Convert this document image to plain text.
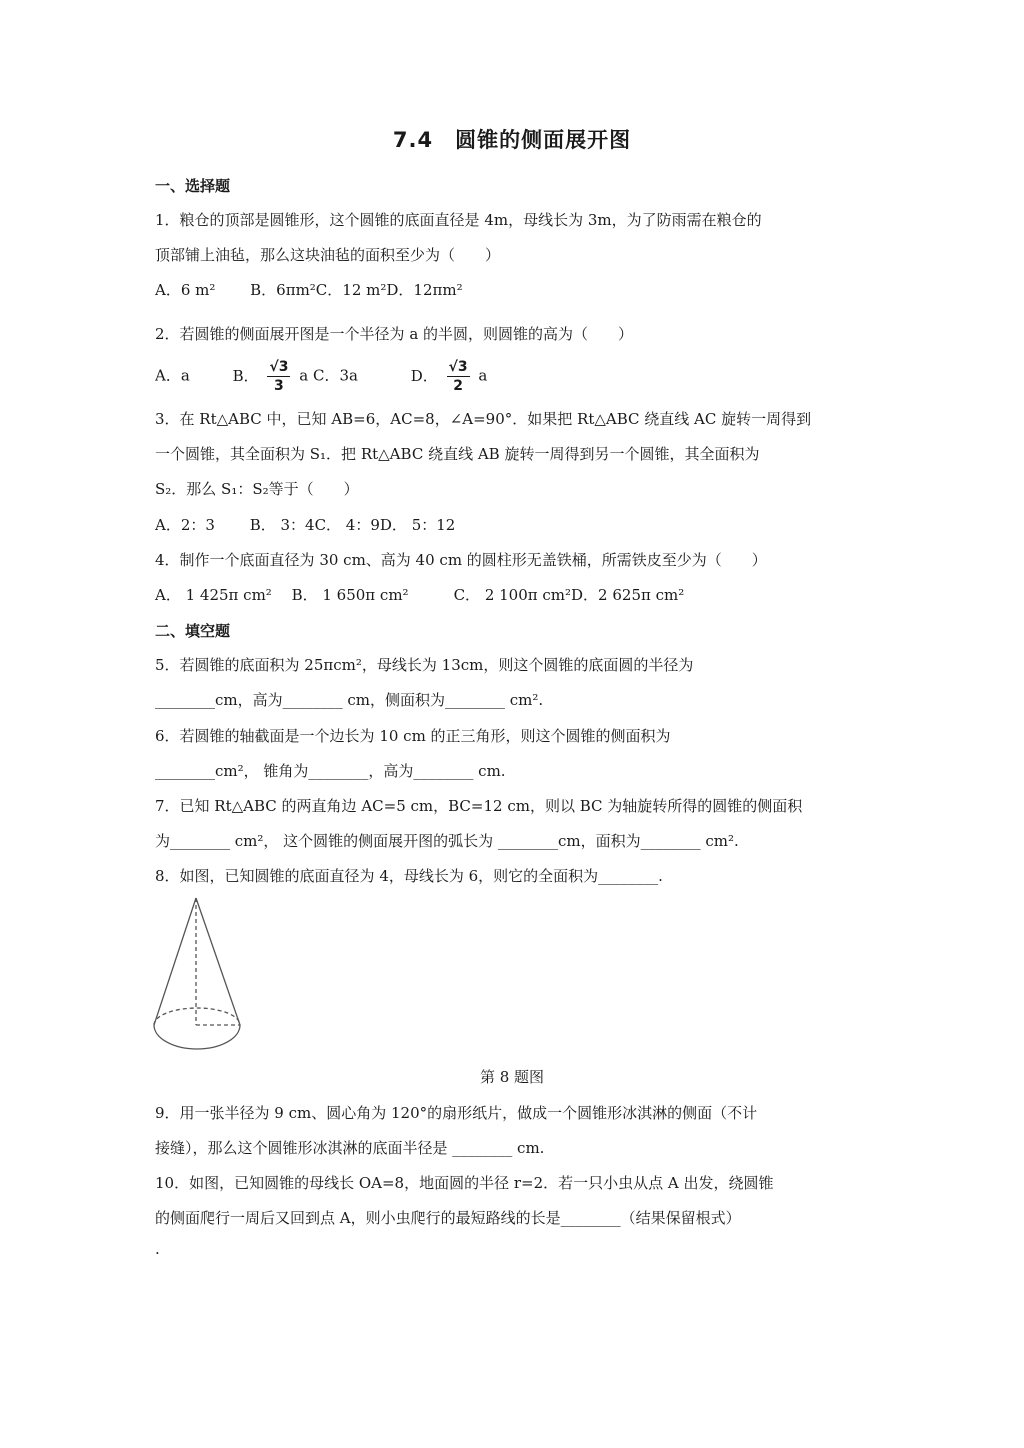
7.4　圆锥的侧面展开图
一、选择题
1．粮仓的顶部是圆锥形，这个圆锥的底面直径是 4m，母线长为 3m，为了防雨需在粮仓的
顶部铺上油毡，那么这块油毡的面积至少为（　　）
A．6 m²　　 B．6πm²C．12 m²D．12πm²
2．若圆锥的侧面展开图是一个半径为 a 的半圆，则圆锥的高为（　　）
A．a	B． $\frac{√3}{3}$ a C．3a	D． $\frac{√3}{2}$ a
3．在 Rt△ABC 中，已知 AB=6，AC=8，∠A=90°．如果把 Rt△ABC 绕直线 AC 旋转一周得到
一个圆锥，其全面积为 S₁．把 Rt△ABC 绕直线 AB 旋转一周得到另一个圆锥，其全面积为
S₂．那么 S₁：S₂等于（　　）
A．2：3　　 B． 3：4C． 4：9D． 5：12
4．制作一个底面直径为 30 cm、高为 40 cm 的圆柱形无盖铁桶，所需铁皮至少为（　　）
A． 1 425π cm²　 B． 1 650π cm²　　　C． 2 100π cm²D．2 625π cm²
二、填空题
5．若圆锥的底面积为 25πcm²，母线长为 13cm，则这个圆锥的底面圆的半径为
________cm，高为________ cm，侧面积为________ cm².
6．若圆锥的轴截面是一个边长为 10 cm 的正三角形，则这个圆锥的侧面积为
________cm²， 锥角为________，高为________ cm.
7．已知 Rt△ABC 的两直角边 AC=5 cm，BC=12 cm，则以 BC 为轴旋转所得的圆锥的侧面积
为________ cm²， 这个圆锥的侧面展开图的弧长为 ________cm，面积为________ cm².
8．如图，已知圆锥的底面直径为 4，母线长为 6，则它的全面积为________.
第 8 题图
9．用一张半径为 9 cm、圆心角为 120°的扇形纸片，做成一个圆锥形冰淇淋的侧面（不计
接缝），那么这个圆锥形冰淇淋的底面半径是 ________ cm.
10．如图，已知圆锥的母线长 OA=8，地面圆的半径 r=2．若一只小虫从点 A 出发，绕圆锥
的侧面爬行一周后又回到点 A，则小虫爬行的最短路线的长是________（结果保留根式）
.
